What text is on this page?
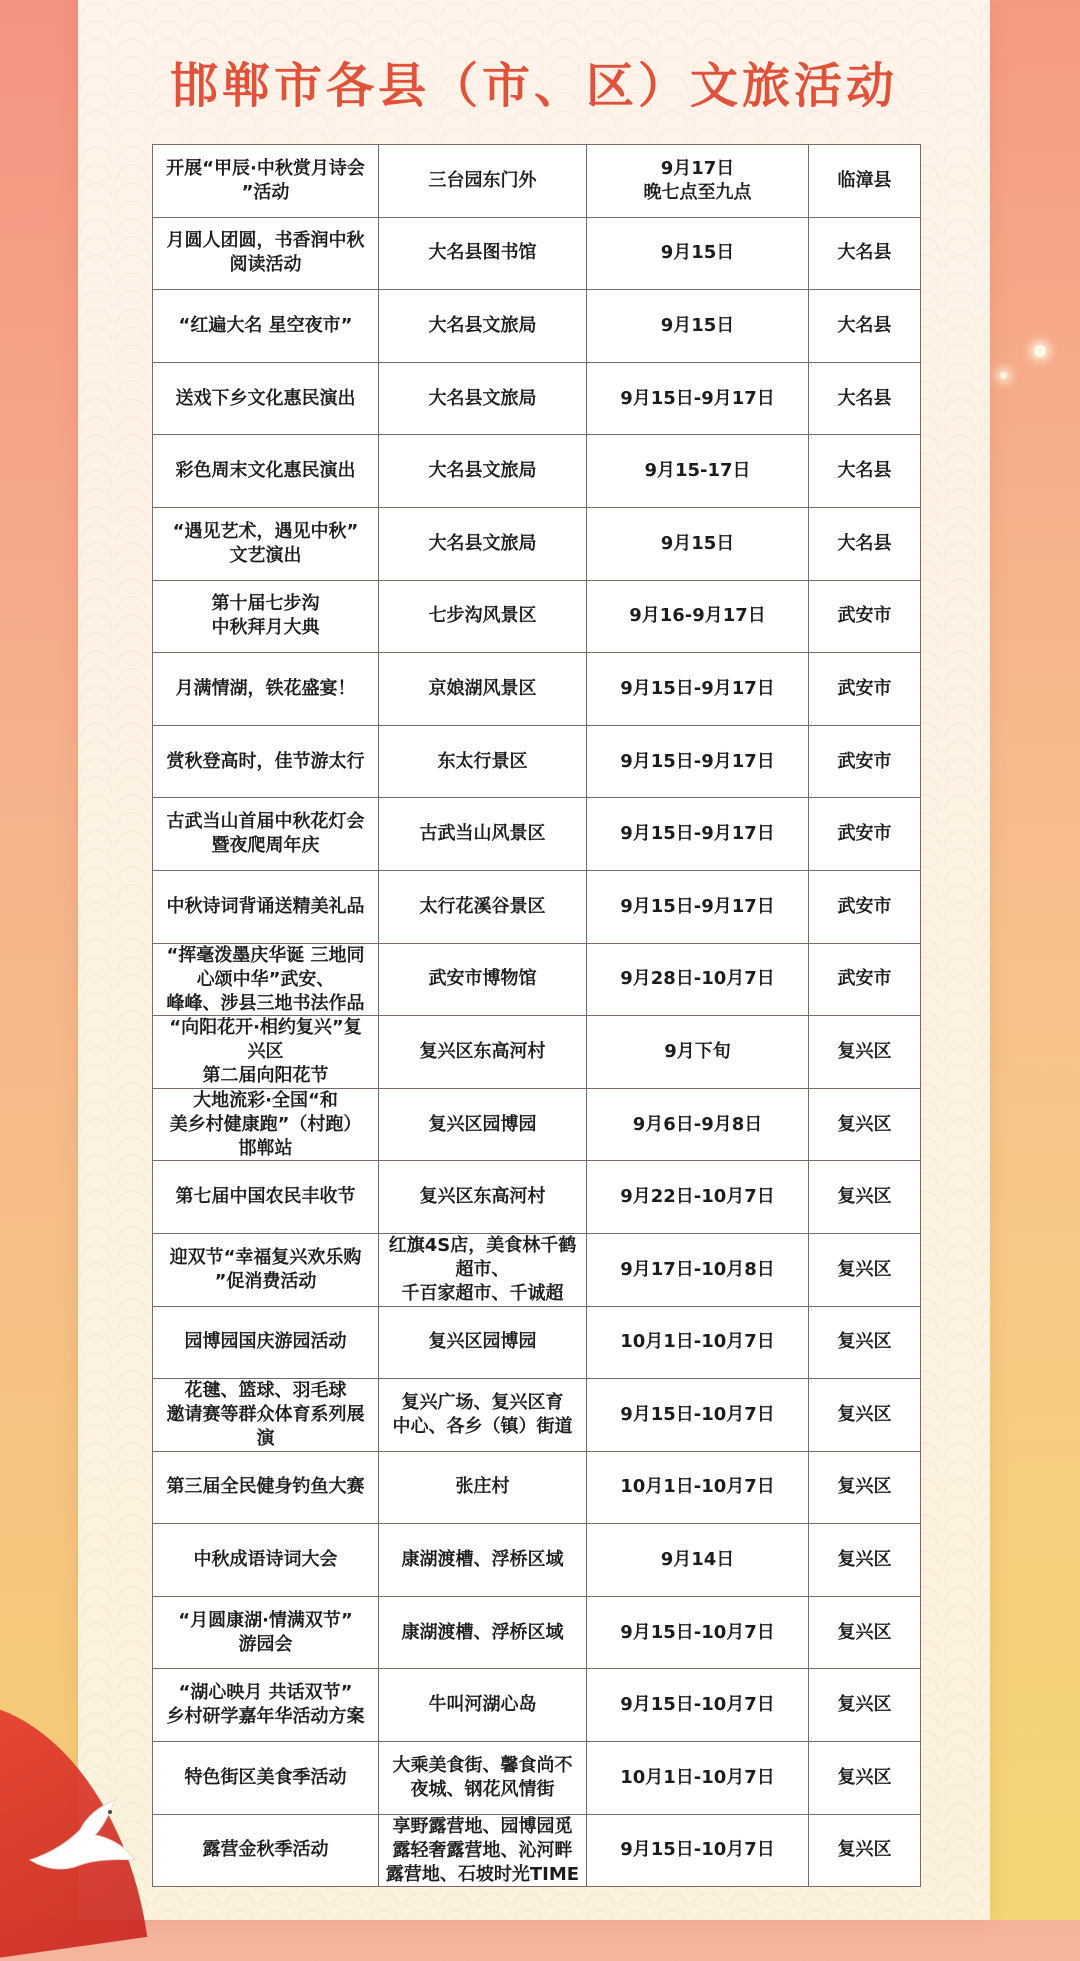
邯郸市各县（市、区）文旅活动
开展“甲辰·中秋赏月诗会
”活动	三台园东门外	9月17日
晚七点至九点	临漳县

月圆人团圆，书香润中秋
阅读活动	大名县图书馆	9月15日	大名县

“红遍大名 星空夜市”	大名县文旅局	9月15日	大名县

送戏下乡文化惠民演出	大名县文旅局	9月15日-9月17日	大名县

彩色周末文化惠民演出	大名县文旅局	9月15-17日	大名县

“遇见艺术，遇见中秋”
文艺演出	大名县文旅局	9月15日	大名县

第十届七步沟
中秋拜月大典	七步沟风景区	9月16-9月17日	武安市

月满情湖，铁花盛宴！	京娘湖风景区	9月15日-9月17日	武安市

赏秋登高时，佳节游太行	东太行景区	9月15日-9月17日	武安市

古武当山首届中秋花灯会
暨夜爬周年庆	古武当山风景区	9月15日-9月17日	武安市

中秋诗词背诵送精美礼品	太行花溪谷景区	9月15日-9月17日	武安市

“挥毫泼墨庆华诞 三地同
心颂中华”武安、
峰峰、涉县三地书法作品	武安市博物馆	9月28日-10月7日	武安市

“向阳花开·相约复兴”复
兴区
第二届向阳花节	复兴区东高河村	9月下旬	复兴区

大地流彩·全国“和
美乡村健康跑”（村跑）
邯郸站	复兴区园博园	9月6日-9月8日	复兴区

第七届中国农民丰收节	复兴区东高河村	9月22日-10月7日	复兴区

迎双节“幸福复兴欢乐购
”促消费活动	红旗4S店，美食林千鹤
超市、
千百家超市、千诚超	9月17日-10月8日	复兴区

园博园国庆游园活动	复兴区园博园	10月1日-10月7日	复兴区

花毽、篮球、羽毛球
邀请赛等群众体育系列展
演	复兴广场、复兴区育
中心、各乡（镇）街道	9月15日-10月7日	复兴区

第三届全民健身钓鱼大赛	张庄村	10月1日-10月7日	复兴区

中秋成语诗词大会	康湖渡槽、浮桥区域	9月14日	复兴区

“月圆康湖·情满双节”
游园会	康湖渡槽、浮桥区域	9月15日-10月7日	复兴区

“湖心映月 共话双节”
乡村研学嘉年华活动方案	牛叫河湖心岛	9月15日-10月7日	复兴区

特色街区美食季活动	大乘美食街、馨食尚不
夜城、钢花风情街	10月1日-10月7日	复兴区

露营金秋季活动	享野露营地、园博园觅
露轻奢露营地、沁河畔
露营地、石坡时光TIME	9月15日-10月7日	复兴区
